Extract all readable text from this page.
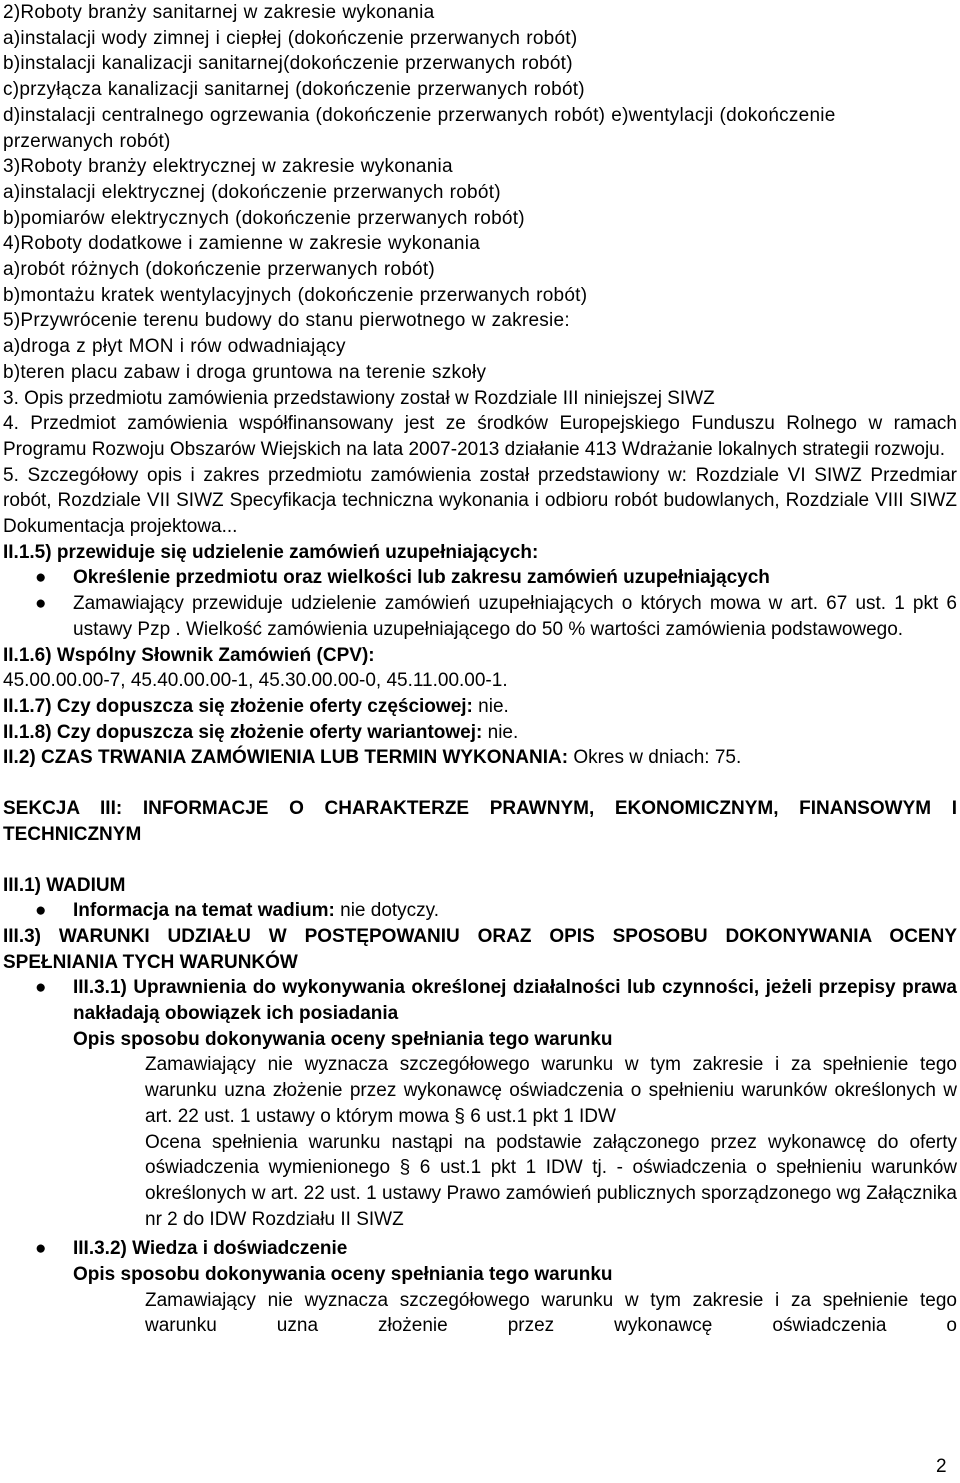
2)Roboty branży sanitarnej w zakresie wykonania

a)instalacji wody zimnej i ciepłej (dokończenie przerwanych robót)

b)instalacji kanalizacji sanitarnej(dokończenie przerwanych robót)

c)przyłącza kanalizacji sanitarnej (dokończenie przerwanych robót)

d)instalacji centralnego ogrzewania (dokończenie przerwanych robót) e)wentylacji (dokończenie

przerwanych robót)

3)Roboty branży elektrycznej w zakresie wykonania

a)instalacji elektrycznej (dokończenie przerwanych robót)

b)pomiarów elektrycznych (dokończenie przerwanych robót)

4)Roboty dodatkowe i zamienne w zakresie wykonania

a)robót różnych (dokończenie przerwanych robót)

b)montażu kratek wentylacyjnych (dokończenie przerwanych robót)

5)Przywrócenie terenu budowy do stanu pierwotnego w zakresie:

a)droga z płyt MON i rów odwadniający

b)teren placu zabaw i droga gruntowa na terenie szkoły

3. Opis przedmiotu zamówienia przedstawiony został w Rozdziale III niniejszej SIWZ

4. Przedmiot zamówienia współfinansowany jest ze środków Europejskiego Funduszu Rolnego w ramach Programu Rozwoju Obszarów Wiejskich na lata 2007-2013 działanie 413 Wdrażanie lokalnych strategii rozwoju.

5. Szczegółowy opis i zakres przedmiotu zamówienia został przedstawiony w: Rozdziale VI SIWZ Przedmiar robót, Rozdziale VII SIWZ Specyfikacja techniczna wykonania i odbioru robót budowlanych, Rozdziale VIII SIWZ Dokumentacja projektowa...

II.1.5) przewiduje się udzielenie zamówień uzupełniających:

● Określenie przedmiotu oraz wielkości lub zakresu zamówień uzupełniających

● Zamawiający przewiduje udzielenie zamówień uzupełniających o których mowa w art. 67 ust. 1 pkt 6 ustawy Pzp . Wielkość zamówienia uzupełniającego do 50 % wartości zamówienia podstawowego.

II.1.6) Wspólny Słownik Zamówień (CPV):

45.00.00.00-7, 45.40.00.00-1, 45.30.00.00-0, 45.11.00.00-1.

II.1.7) Czy dopuszcza się złożenie oferty częściowej: nie.

II.1.8) Czy dopuszcza się złożenie oferty wariantowej: nie.

II.2) CZAS TRWANIA ZAMÓWIENIA LUB TERMIN WYKONANIA: Okres w dniach: 75.

SEKCJA III: INFORMACJE O CHARAKTERZE PRAWNYM, EKONOMICZNYM, FINANSOWYM I TECHNICZNYM

III.1) WADIUM

● Informacja na temat wadium: nie dotyczy.

III.3) WARUNKI UDZIAŁU W POSTĘPOWANIU ORAZ OPIS SPOSOBU DOKONYWANIA OCENY SPEŁNIANIA TYCH WARUNKÓW

● III.3.1) Uprawnienia do wykonywania określonej działalności lub czynności, jeżeli przepisy prawa nakładają obowiązek ich posiadania

Opis sposobu dokonywania oceny spełniania tego warunku

Zamawiający nie wyznacza szczegółowego warunku w tym zakresie i za spełnienie tego warunku uzna złożenie przez wykonawcę oświadczenia o spełnieniu warunków określonych w art. 22 ust. 1 ustawy o którym mowa § 6 ust.1 pkt 1 IDW

Ocena spełnienia warunku nastąpi na podstawie załączonego przez wykonawcę do oferty oświadczenia wymienionego § 6 ust.1 pkt 1 IDW tj. - oświadczenia o spełnieniu warunków określonych w art. 22 ust. 1 ustawy Prawo zamówień publicznych sporządzonego wg Załącznika nr 2 do IDW Rozdziału II SIWZ

● III.3.2) Wiedza i doświadczenie

Opis sposobu dokonywania oceny spełniania tego warunku

Zamawiający nie wyznacza szczegółowego warunku w tym zakresie i za spełnienie tego warunku uzna złożenie przez wykonawcę oświadczenia o

2
